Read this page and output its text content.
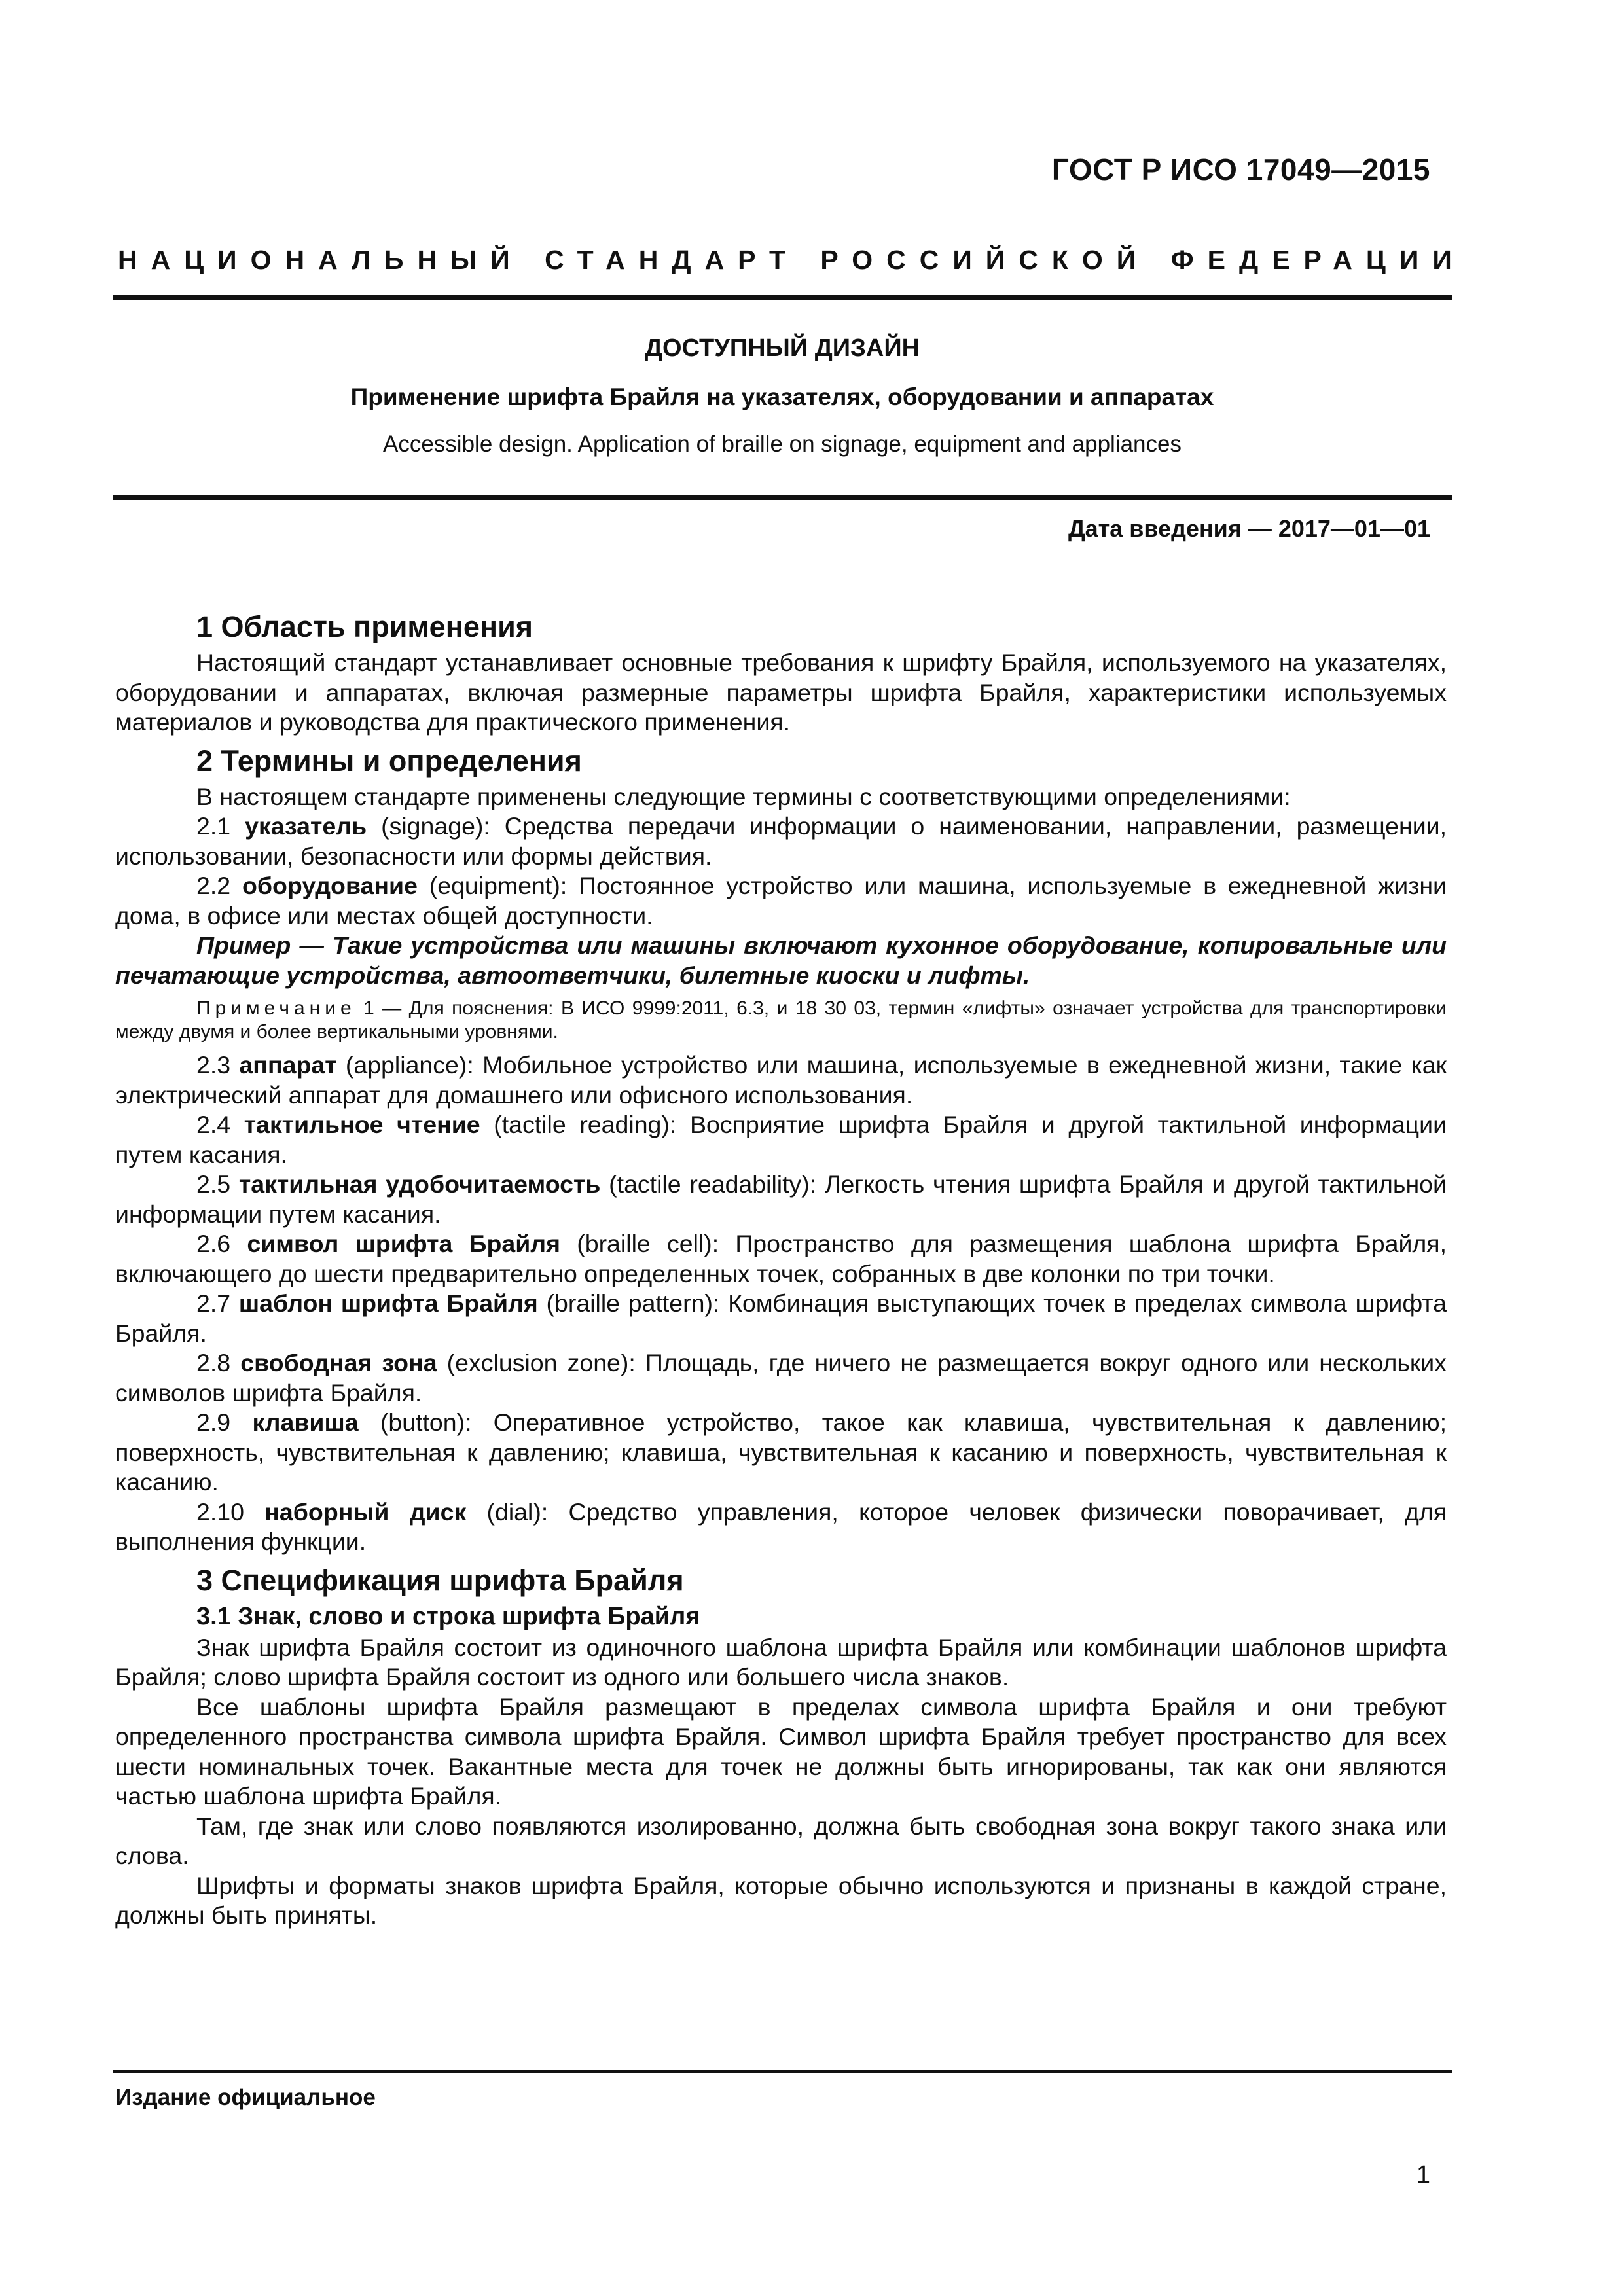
ГОСТ Р ИСО 17049—2015
НАЦИОНАЛЬНЫЙ СТАНДАРТ РОССИЙСКОЙ ФЕДЕРАЦИИ
ДОСТУПНЫЙ ДИЗАЙН
Применение шрифта Брайля на указателях, оборудовании и аппаратах
Accessible design. Application of braille on signage, equipment and appliances
Дата введения — 2017—01—01
1 Область применения

Настоящий стандарт устанавливает основные требования к шрифту Брайля, используемого на указателях, оборудовании и аппаратах, включая размерные параметры шрифта Брайля, характеристики используемых материалов и руководства для практического применения.

2 Термины и определения

В настоящем стандарте применены следующие термины с соответствующими определениями:

2.1 указатель (signage): Средства передачи информации о наименовании, направлении, размещении, использовании, безопасности или формы действия.

2.2 оборудование (equipment): Постоянное устройство или машина, используемые в ежедневной жизни дома, в офисе или местах общей доступности.

Пример — Такие устройства или машины включают кухонное оборудование, копировальные или печатающие устройства, автоответчики, билетные киоски и лифты.

Примечание 1 — Для пояснения: В ИСО 9999:2011, 6.3, и 18 30 03, термин «лифты» означает устройства для транспортировки между двумя и более вертикальными уровнями.

2.3 аппарат (appliance): Мобильное устройство или машина, используемые в ежедневной жизни, такие как электрический аппарат для домашнего или офисного использования.

2.4 тактильное чтение (tactile reading): Восприятие шрифта Брайля и другой тактильной информации путем касания.

2.5 тактильная удобочитаемость (tactile readability): Легкость чтения шрифта Брайля и другой тактильной информации путем касания.

2.6 символ шрифта Брайля (braille cell): Пространство для размещения шаблона шрифта Брайля, включающего до шести предварительно определенных точек, собранных в две колонки по три точки.

2.7 шаблон шрифта Брайля (braille pattern): Комбинация выступающих точек в пределах символа шрифта Брайля.

2.8 свободная зона (exclusion zone): Площадь, где ничего не размещается вокруг одного или нескольких символов шрифта Брайля.

2.9 клавиша (button): Оперативное устройство, такое как клавиша, чувствительная к давлению; поверхность, чувствительная к давлению; клавиша, чувствительная к касанию и поверхность, чувствительная к касанию.

2.10 наборный диск (dial): Средство управления, которое человек физически поворачивает, для выполнения функции.

3 Спецификация шрифта Брайля
3.1 Знак, слово и строка шрифта Брайля

Знак шрифта Брайля состоит из одиночного шаблона шрифта Брайля или комбинации шаблонов шрифта Брайля; слово шрифта Брайля состоит из одного или большего числа знаков.

Все шаблоны шрифта Брайля размещают в пределах символа шрифта Брайля и они требуют определенного пространства символа шрифта Брайля. Символ шрифта Брайля требует пространство для всех шести номинальных точек. Вакантные места для точек не должны быть игнорированы, так как они являются частью шаблона шрифта Брайля.

Там, где знак или слово появляются изолированно, должна быть свободная зона вокруг такого знака или слова.

Шрифты и форматы знаков шрифта Брайля, которые обычно используются и признаны в каждой стране, должны быть приняты.

Издание официальное
1
